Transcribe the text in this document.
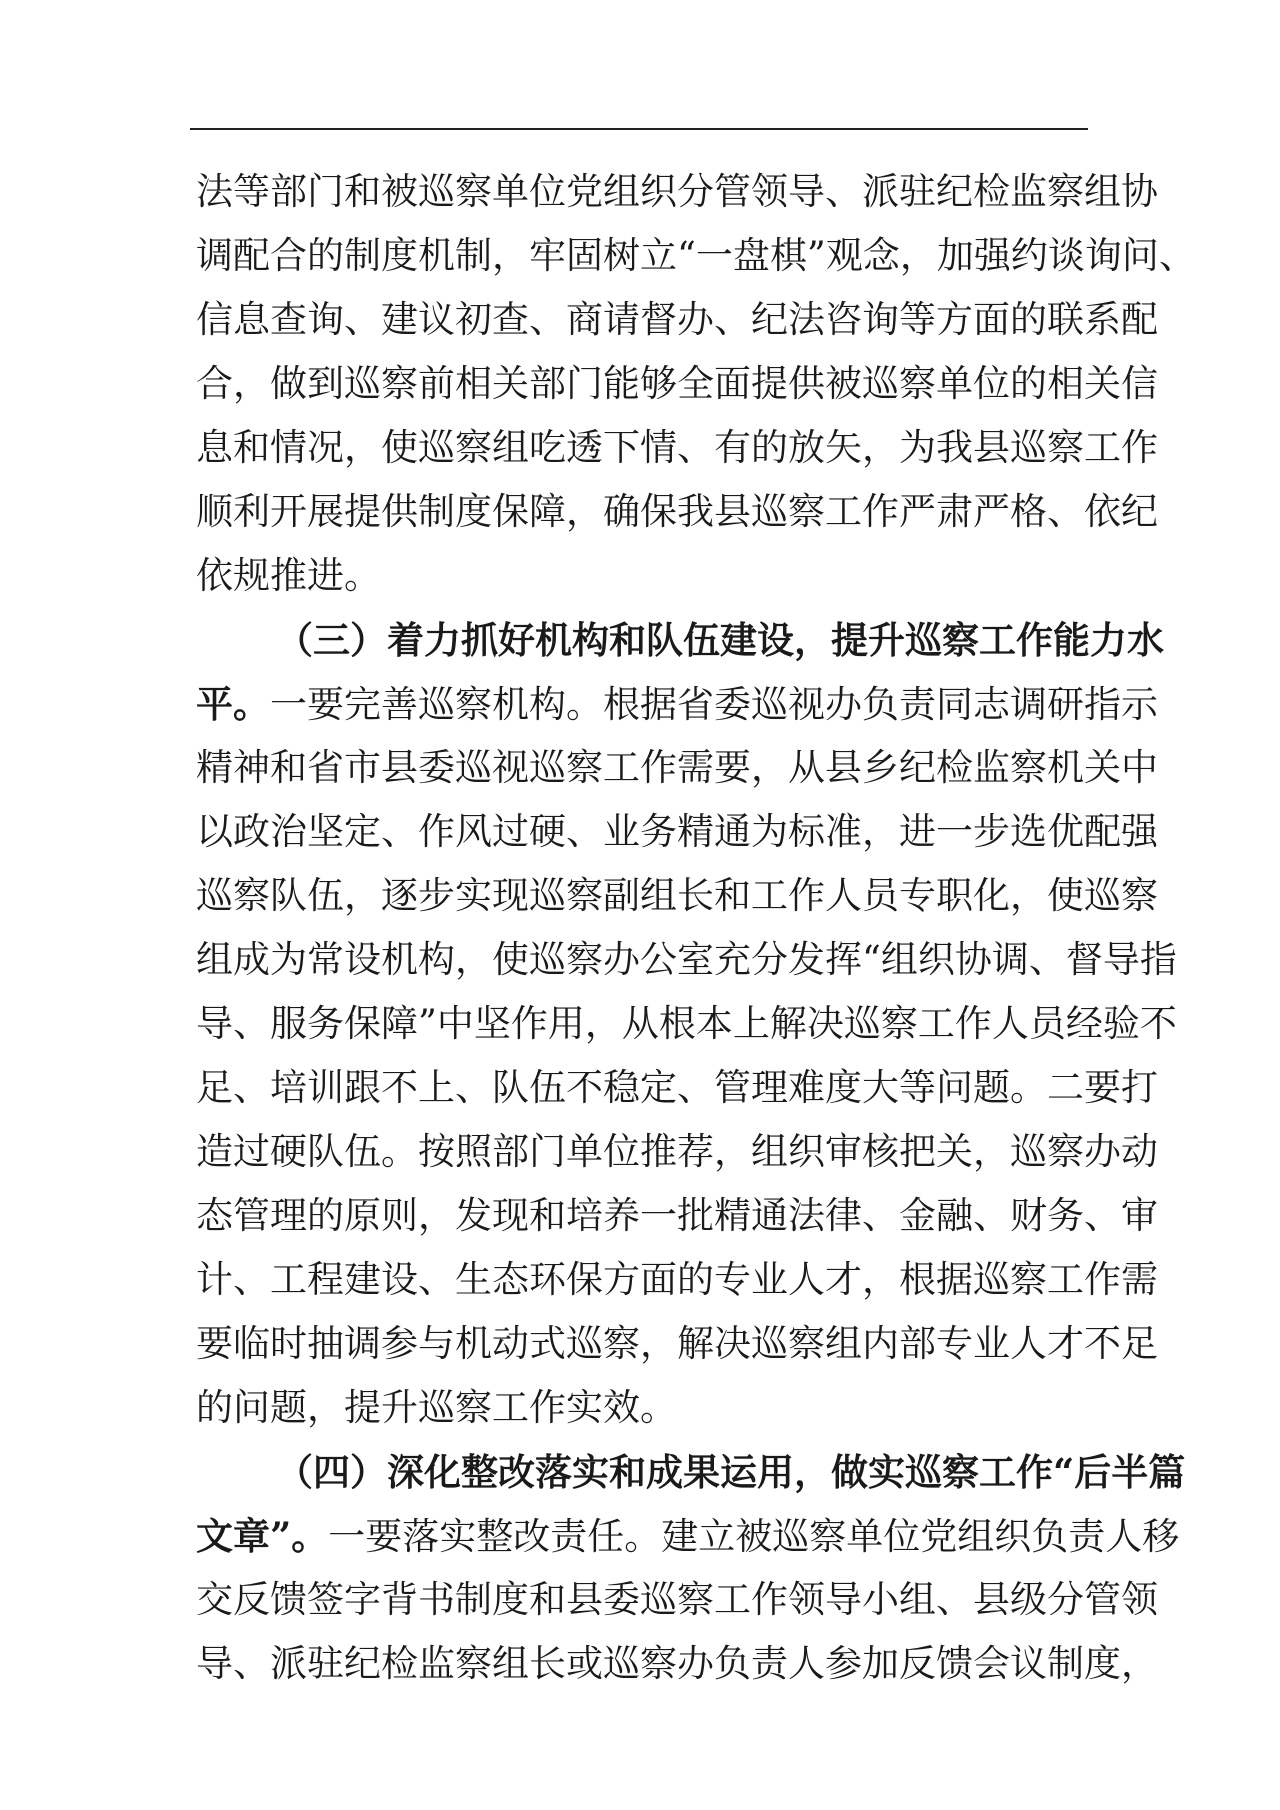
法等部门和被巡察单位党组织分管领导、派驻纪检监察组协
调配合的制度机制，牢固树立“一盘棋”观念，加强约谈询问、
信息查询、建议初查、商请督办、纪法咨询等方面的联系配
合，做到巡察前相关部门能够全面提供被巡察单位的相关信
息和情况，使巡察组吃透下情、有的放矢，为我县巡察工作
顺利开展提供制度保障，确保我县巡察工作严肃严格、依纪
依规推进。
（三）着力抓好机构和队伍建设，提升巡察工作能力水
平。一要完善巡察机构。根据省委巡视办负责同志调研指示
精神和省市县委巡视巡察工作需要，从县乡纪检监察机关中
以政治坚定、作风过硬、业务精通为标准，进一步选优配强
巡察队伍，逐步实现巡察副组长和工作人员专职化，使巡察
组成为常设机构，使巡察办公室充分发挥“组织协调、督导指
导、服务保障”中坚作用，从根本上解决巡察工作人员经验不
足、培训跟不上、队伍不稳定、管理难度大等问题。二要打
造过硬队伍。按照部门单位推荐，组织审核把关，巡察办动
态管理的原则，发现和培养一批精通法律、金融、财务、审
计、工程建设、生态环保方面的专业人才，根据巡察工作需
要临时抽调参与机动式巡察，解决巡察组内部专业人才不足
的问题，提升巡察工作实效。
（四）深化整改落实和成果运用，做实巡察工作“后半篇
文章”。一要落实整改责任。建立被巡察单位党组织负责人移
交反馈签字背书制度和县委巡察工作领导小组、县级分管领
导、派驻纪检监察组长或巡察办负责人参加反馈会议制度，
